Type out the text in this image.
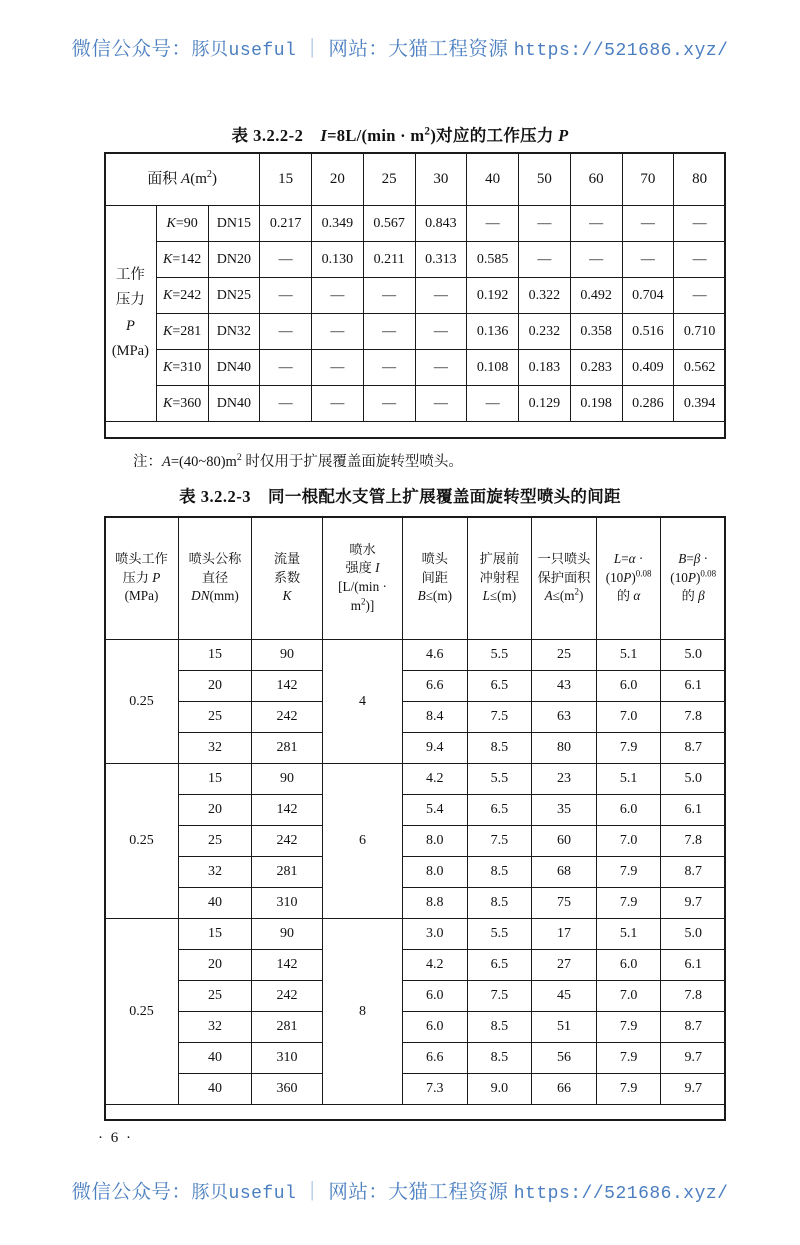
微信公众号：豚贝useful ｜ 网站：大猫工程资源 https://521686.xyz/
表 3.2.2-2 $I=8L/(\min \cdot m^2)$对应的工作压力 P
面积 $A(m^2)$			15	20	25	30	40	50	60	70	80
工作
压力
P
(MPa)	K=90	DN15	0.217	0.349	0.567	0.843	—	—	—	—	—
	K=142	DN20	—	0.130	0.211	0.313	0.585	—	—	—	—
	K=242	DN25	—	—	—	—	0.192	0.322	0.492	0.704	—
	K=281	DN32	—	—	—	—	0.136	0.232	0.358	0.516	0.710
	K=310	DN40	—	—	—	—	0.108	0.183	0.283	0.409	0.562
	K=360	DN40	—	—	—	—	—	0.129	0.198	0.286	0.394
注：$A=(40\sim 80)m^2$ 时仅用于扩展覆盖面旋转型喷头。
表 3.2.2-3 同一根配水支管上扩展覆盖面旋转型喷头的间距
喷头工作
压力 P
(MPa)	喷头公称
直径
DN(mm)	流量
系数
K	喷水
强度 I
[L/(min ·
$m^2$)]	喷头
间距
B≤(m)	扩展前
冲射程
L≤(m)	一只喷头
保护面积
$A\le(m^2)$	L=α ·
$(10P)^{0.08}$
的 α	B=β ·
$(10P)^{0.08}$
的 β
0.25	15	90	4	4.6	5.5	25	5.1	5.0
	20	142		6.6	6.5	43	6.0	6.1
	25	242		8.4	7.5	63	7.0	7.8
	32	281		9.4	8.5	80	7.9	8.7
0.25	15	90	6	4.2	5.5	23	5.1	5.0
	20	142		5.4	6.5	35	6.0	6.1
	25	242		8.0	7.5	60	7.0	7.8
	32	281		8.0	8.5	68	7.9	8.7
	40	310		8.8	8.5	75	7.9	9.7
0.25	15	90	8	3.0	5.5	17	5.1	5.0
	20	142		4.2	6.5	27	6.0	6.1
	25	242		6.0	7.5	45	7.0	7.8
	32	281		6.0	8.5	51	7.9	8.7
	40	310		6.6	8.5	56	7.9	9.7
	40	360		7.3	9.0	66	7.9	9.7
· 6 ·
微信公众号：豚贝useful ｜ 网站：大猫工程资源 https://521686.xyz/
